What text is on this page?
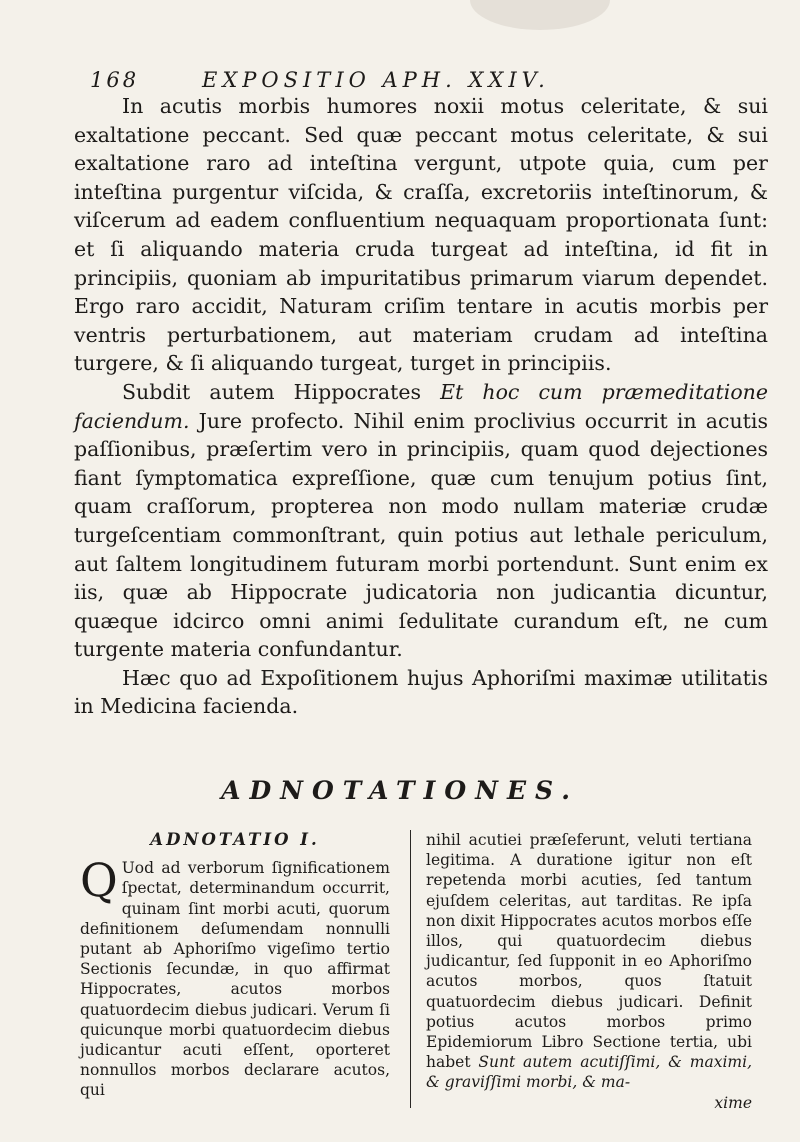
168	EXPOSITIO APH. XXIV.

In acutis morbis humores noxii motus celeritate, & sui exaltatione peccant. Sed quæ peccant motus celeritate, & sui exaltatione raro ad inteſtina vergunt, utpote quia, cum per inteſtina purgentur viſcida, & craſſa, excretoriis inteſtinorum, & viſcerum ad eadem confluentium nequaquam proportionata ſunt: et ſi aliquando materia cruda turgeat ad inteſtina, id fit in principiis, quoniam ab impuritatibus primarum viarum dependet. Ergo raro accidit, Naturam criſim tentare in acutis morbis per ventris perturbationem, aut materiam crudam ad inteſtina turgere, & ſi aliquando turgeat, turget in principiis.

Subdit autem Hippocrates Et hoc cum præmeditatione faciendum. Jure profecto. Nihil enim proclivius occurrit in acutis paſſionibus, præſertim vero in principiis, quam quod dejectiones fiant ſymptomatica expreſſione, quæ cum tenujum potius ſint, quam craſſorum, propterea non modo nullam materiæ crudæ turgeſcentiam commonſtrant, quin potius aut lethale periculum, aut ſaltem longitudinem futuram morbi portendunt. Sunt enim ex iis, quæ ab Hippocrate judicatoria non judicantia dicuntur, quæque idcirco omni animi ſedulitate curandum eſt, ne cum turgente materia confundantur.

Hæc quo ad Expoſitionem hujus Aphoriſmi maximæ utilitatis in Medicina facienda.

ADNOTATIONES.
ADNOTATIO I.

Q Uod ad verborum ſignificationem ſpectat, determinandum occurrit, quinam ſint morbi acuti, quorum definitionem deſumendam nonnulli putant ab Aphoriſmo vigeſimo tertio Sectionis ſecundæ, in quo affirmat Hippocrates, acutos morbos quatuordecim diebus judicari. Verum ſi quicunque morbi quatuordecim diebus judicantur acuti eſſent, oporteret nonnullos morbos declarare acutos, qui

nihil acutiei præſeferunt, veluti tertiana legitima. A duratione igitur non eſt repetenda morbi acuties, ſed tantum ejuſdem celeritas, aut tarditas. Re ipſa non dixit Hippocrates acutos morbos eſſe illos, qui quatuordecim diebus judicantur, ſed ſupponit in eo Aphoriſmo acutos morbos, quos ſtatuit quatuordecim diebus judicari. Definit potius acutos morbos primo Epidemiorum Libro Sectione tertia, ubi habet Sunt autem acutiſſimi, & maximi, & graviſſimi morbi, & ma-

xime
